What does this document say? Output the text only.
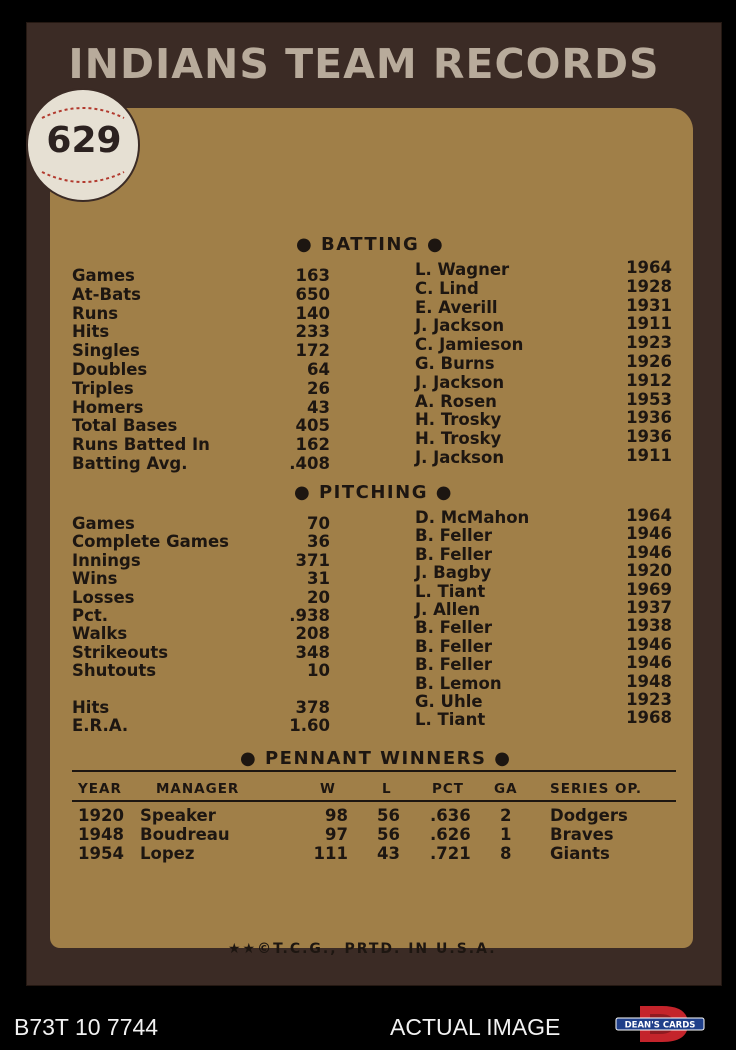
INDIANS TEAM RECORDS
629
● BATTING ●
Games	163	L. Wagner	1964
At-Bats	650	C. Lind	1928
Runs	140	E. Averill	1931
Hits	233	J. Jackson	1911
Singles	172	C. Jamieson	1923
Doubles	64	G. Burns	1926
Triples	26	J. Jackson	1912
Homers	43	A. Rosen	1953
Total Bases	405	H. Trosky	1936
Runs Batted In	162	H. Trosky	1936
Batting Avg.	.408	J. Jackson	1911
● PITCHING ●
Games	70	D. McMahon	1964
Complete Games	36	B. Feller	1946
Innings	371	B. Feller	1946
Wins	31	J. Bagby	1920
Losses	20	L. Tiant	1969
Pct.	.938	J. Allen	1937
Walks	208	B. Feller	1938
Strikeouts	348	B. Feller	1946
Shutouts	10	B. Feller	1946
B. Lemon	1948
Hits	378	G. Uhle	1923
E.R.A.	1.60	L. Tiant	1968
● PENNANT WINNERS ●
YEAR	MANAGER	W	L	PCT GA SERIES OP.
1920 Speaker	98	56 .636 2 Dodgers
1948 Boudreau	97	56 .626 1 Braves
1954 Lopez	111	43 .721 8 Giants
★★©T.C.G., PRTD. IN U.S.A.
B73T 10 7744	ACTUAL IMAGE	DEAN'S CARDS
